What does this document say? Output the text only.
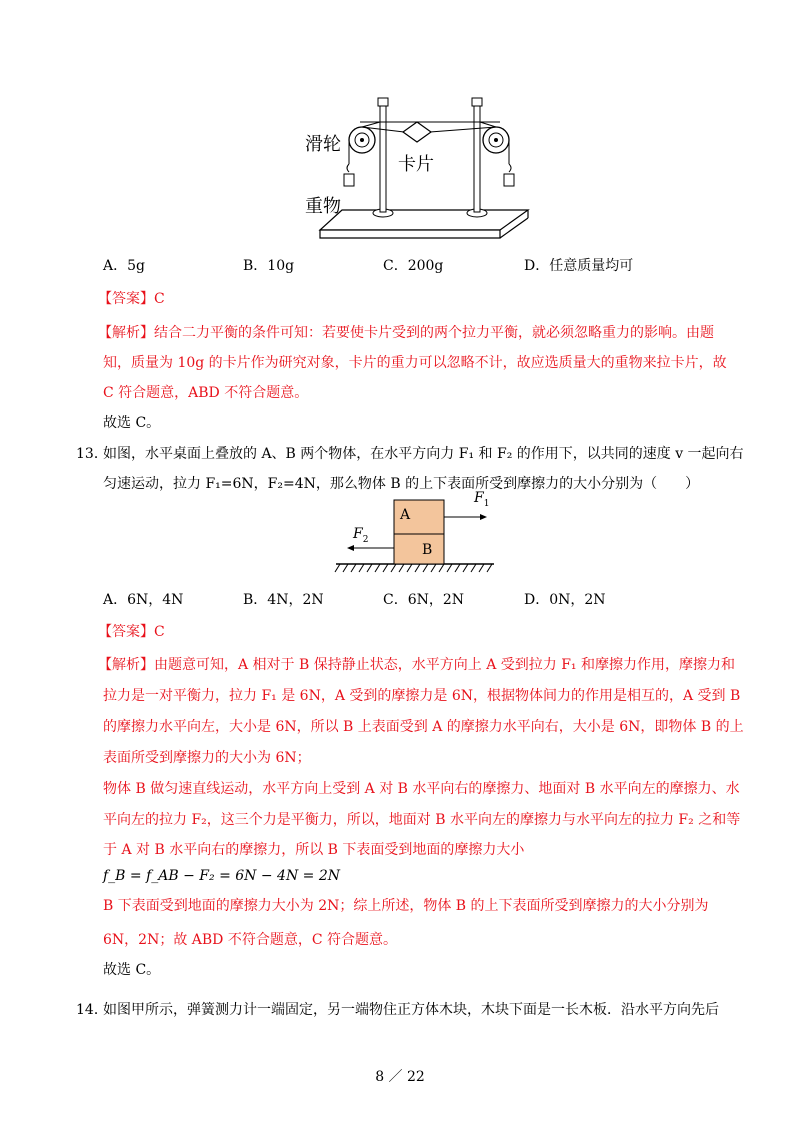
滑轮
卡片
重物
A．5g	B．10g	C．200g	D．任意质量均可
【答案】C
【解析】结合二力平衡的条件可知：若要使卡片受到的两个拉力平衡，就必须忽略重力的影响。由题
知，质量为 10g 的卡片作为研究对象，卡片的重力可以忽略不计，故应选质量大的重物来拉卡片，故
C 符合题意，ABD 不符合题意。
故选 C。
13．
如图，水平桌面上叠放的 A、B 两个物体，在水平方向力 F₁ 和 F₂ 的作用下，以共同的速度 v 一起向右
匀速运动，拉力 F₁=6N，F₂=4N，那么物体 B 的上下表面所受到摩擦力的大小分别为（　　）
A
B
$F_1$
$F_2$
A．6N，4N	B．4N，2N	C．6N，2N	D．0N，2N
【答案】C
【解析】由题意可知，A 相对于 B 保持静止状态，水平方向上 A 受到拉力 F₁ 和摩擦力作用，摩擦力和
拉力是一对平衡力，拉力 F₁ 是 6N，A 受到的摩擦力是 6N，根据物体间力的作用是相互的，A 受到 B
的摩擦力水平向左，大小是 6N，所以 B 上表面受到 A 的摩擦力水平向右，大小是 6N，即物体 B 的上
表面所受到摩擦力的大小为 6N；
物体 B 做匀速直线运动，水平方向上受到 A 对 B 水平向右的摩擦力、地面对 B 水平向左的摩擦力、水
平向左的拉力 F₂，这三个力是平衡力，所以，地面对 B 水平向左的摩擦力与水平向左的拉力 F₂ 之和等
于 A 对 B 水平向右的摩擦力，所以 B 下表面受到地面的摩擦力大小
f_B = f_AB − F₂ = 6N − 4N = 2N
B 下表面受到地面的摩擦力大小为 2N；综上所述，物体 B 的上下表面所受到摩擦力的大小分别为
6N，2N；故 ABD 不符合题意，C 符合题意。
故选 C。
14．
如图甲所示，弹簧测力计一端固定，另一端物住正方体木块，木块下面是一长木板．沿水平方向先后
8 ／ 22
